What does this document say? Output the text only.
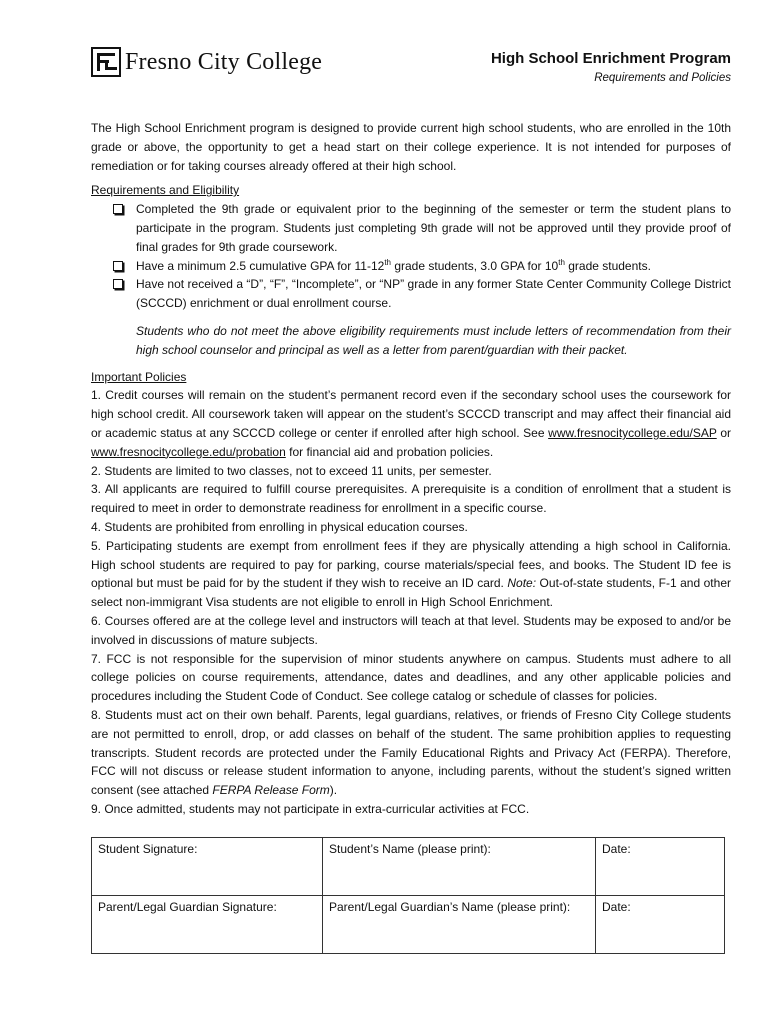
Fresno City College	High School Enrichment Program
Requirements and Policies

The High School Enrichment program is designed to provide current high school students, who are enrolled in the 10th grade or above, the opportunity to get a head start on their college experience. It is not intended for purposes of remediation or for taking courses already offered at their high school.

Requirements and Eligibility

Completed the 9th grade or equivalent prior to the beginning of the semester or term the student plans to participate in the program. Students just completing 9th grade will not be approved until they provide proof of final grades for 9th grade coursework.
Have a minimum 2.5 cumulative GPA for 11-12th grade students, 3.0 GPA for 10th grade students.
Have not received a “D”, “F”, “Incomplete”, or “NP” grade in any former State Center Community College District (SCCCD) enrichment or dual enrollment course.

Students who do not meet the above eligibility requirements must include letters of recommendation from their high school counselor and principal as well as a letter from parent/guardian with their packet.

Important Policies

1. Credit courses will remain on the student’s permanent record even if the secondary school uses the coursework for high school credit. All coursework taken will appear on the student’s SCCCD transcript and may affect their financial aid or academic status at any SCCCD college or center if enrolled after high school. See www.fresnocitycollege.edu/SAP or www.fresnocitycollege.edu/probation for financial aid and probation policies.

2. Students are limited to two classes, not to exceed 11 units, per semester.

3. All applicants are required to fulfill course prerequisites. A prerequisite is a condition of enrollment that a student is required to meet in order to demonstrate readiness for enrollment in a specific course.

4. Students are prohibited from enrolling in physical education courses.

5. Participating students are exempt from enrollment fees if they are physically attending a high school in California. High school students are required to pay for parking, course materials/special fees, and books. The Student ID fee is optional but must be paid for by the student if they wish to receive an ID card. Note: Out-of-state students, F-1 and other select non-immigrant Visa students are not eligible to enroll in High School Enrichment.

6. Courses offered are at the college level and instructors will teach at that level. Students may be exposed to and/or be involved in discussions of mature subjects.

7. FCC is not responsible for the supervision of minor students anywhere on campus. Students must adhere to all college policies on course requirements, attendance, dates and deadlines, and any other applicable policies and procedures including the Student Code of Conduct. See college catalog or schedule of classes for policies.

8. Students must act on their own behalf. Parents, legal guardians, relatives, or friends of Fresno City College students are not permitted to enroll, drop, or add classes on behalf of the student. The same prohibition applies to requesting transcripts. Student records are protected under the Family Educational Rights and Privacy Act (FERPA). Therefore, FCC will not discuss or release student information to anyone, including parents, without the student’s signed written consent (see attached FERPA Release Form).

9. Once admitted, students may not participate in extra-curricular activities at FCC.

Student Signature:	Student’s Name (please print):	Date:
Parent/Legal Guardian Signature:	Parent/Legal Guardian’s Name (please print):	Date:
